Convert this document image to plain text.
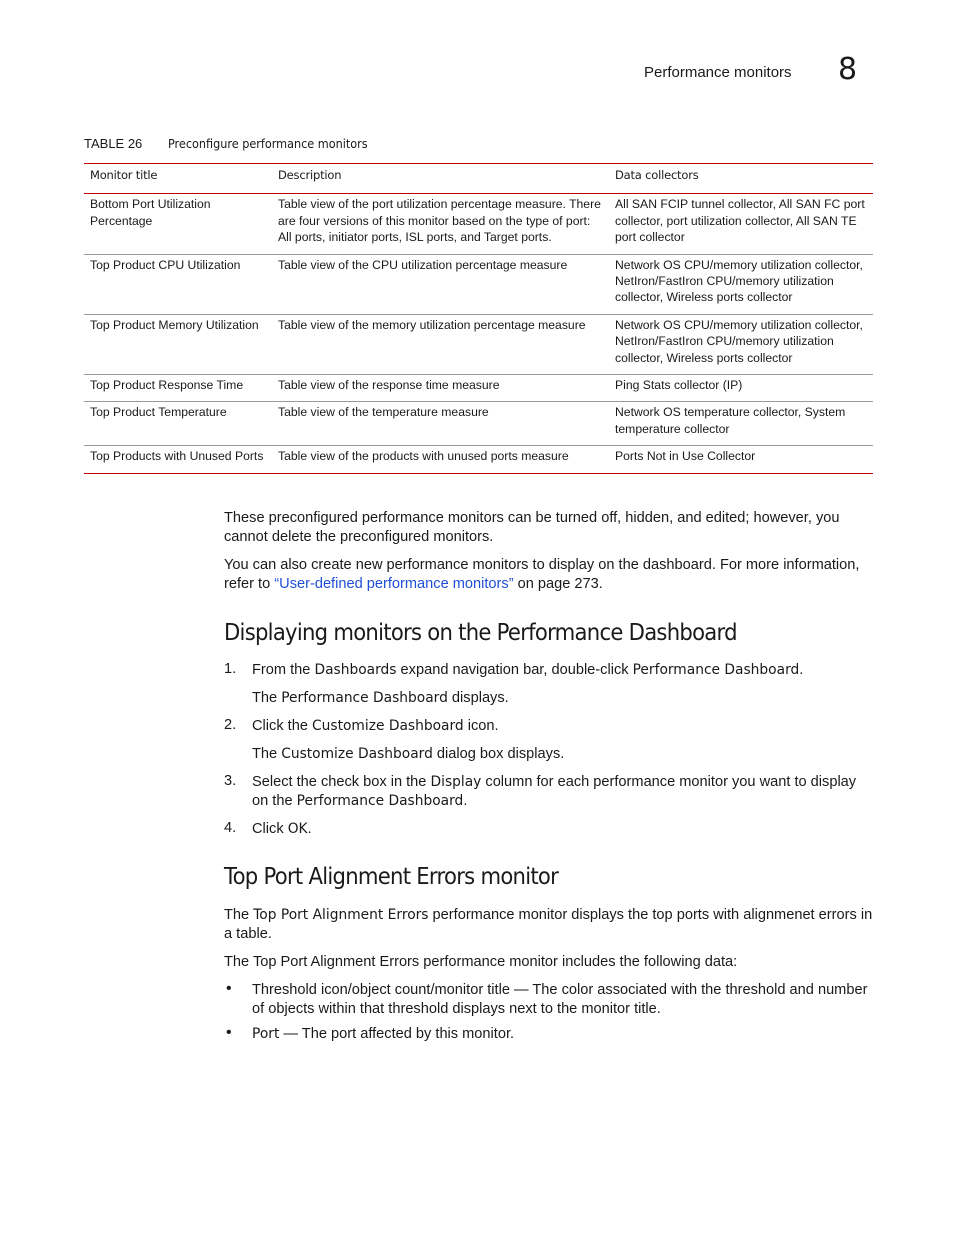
Performance monitors 8
TABLE 26 Preconfigure performance monitors
Monitor title	Description	Data collectors
Bottom Port Utilization Percentage	Table view of the port utilization percentage measure. There are four versions of this monitor based on the type of port: All ports, initiator ports, ISL ports, and Target ports.	All SAN FCIP tunnel collector, All SAN FC port collector, port utilization collector, All SAN TE port collector
Top Product CPU Utilization	Table view of the CPU utilization percentage measure	Network OS CPU/memory utilization collector, NetIron/FastIron CPU/memory utilization collector, Wireless ports collector
Top Product Memory Utilization	Table view of the memory utilization percentage measure	Network OS CPU/memory utilization collector, NetIron/FastIron CPU/memory utilization collector, Wireless ports collector
Top Product Response Time	Table view of the response time measure	Ping Stats collector (IP)
Top Product Temperature	Table view of the temperature measure	Network OS temperature collector, System temperature collector
Top Products with Unused Ports	Table view of the products with unused ports measure	Ports Not in Use Collector
These preconfigured performance monitors can be turned off, hidden, and edited; however, you cannot delete the preconfigured monitors.
You can also create new performance monitors to display on the dashboard. For more information, refer to “User-defined performance monitors” on page 273.
Displaying monitors on the Performance Dashboard
1. From the Dashboards expand navigation bar, double-click Performance Dashboard.
The Performance Dashboard displays.
2. Click the Customize Dashboard icon.
The Customize Dashboard dialog box displays.
3. Select the check box in the Display column for each performance monitor you want to display on the Performance Dashboard.
4. Click OK.
Top Port Alignment Errors monitor
The Top Port Alignment Errors performance monitor displays the top ports with alignmenet errors in a table.
The Top Port Alignment Errors performance monitor includes the following data:
• Threshold icon/object count/monitor title — The color associated with the threshold and number of objects within that threshold displays next to the monitor title.
• Port — The port affected by this monitor.
